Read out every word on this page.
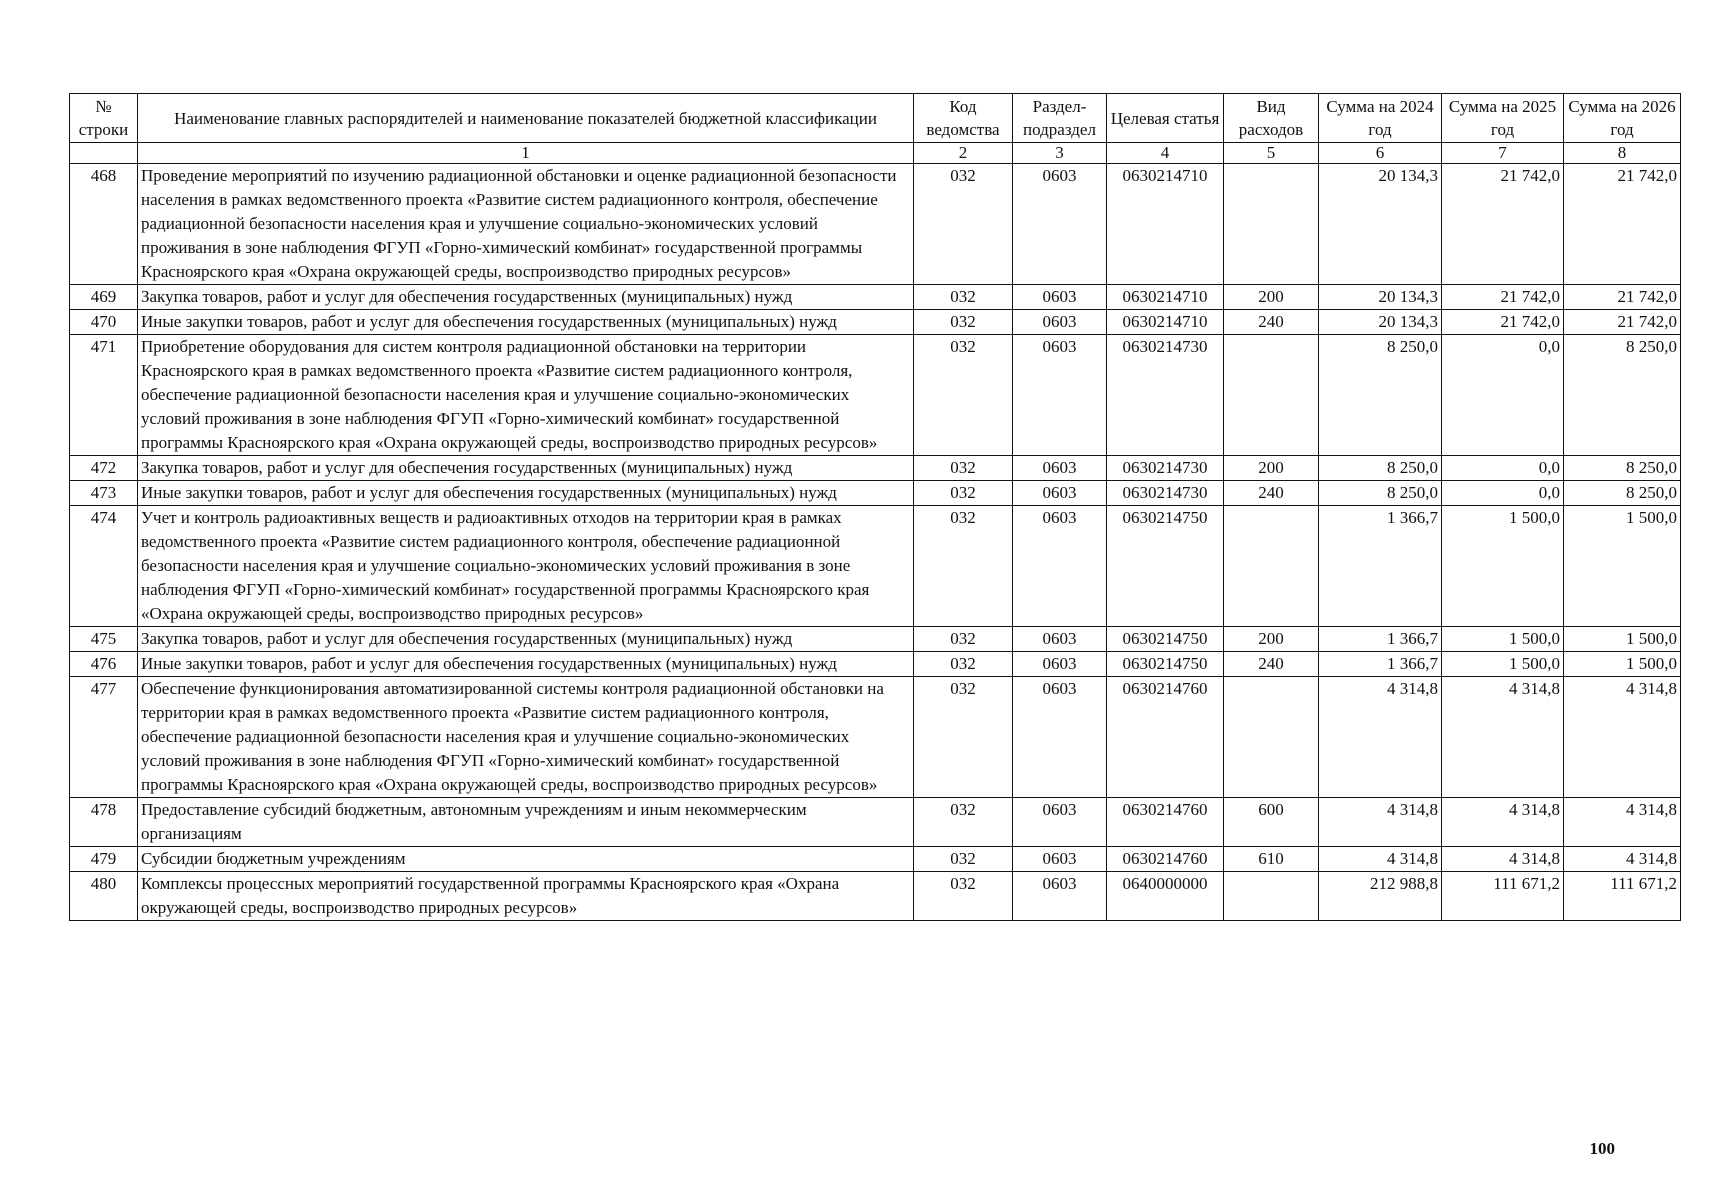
№ строки	Наименование главных распорядителей и наименование показателей бюджетной классификации	Код ведомства	Раздел-подраздел	Целевая статья	Вид расходов	Сумма на 2024 год	Сумма на 2025 год	Сумма на 2026 год
	1	2	3	4	5	6	7	8
468	Проведение мероприятий по изучению радиационной обстановки и оценке радиационной безопасности населения в рамках ведомственного проекта «Развитие систем радиационного контроля, обеспечение радиационной безопасности населения края и улучшение социально-экономических условий проживания в зоне наблюдения ФГУП «Горно-химический комбинат» государственной программы Красноярского края «Охрана окружающей среды, воспроизводство природных ресурсов»	032	0603	0630214710		20 134,3	21 742,0	21 742,0
469	Закупка товаров, работ и услуг для обеспечения государственных (муниципальных) нужд	032	0603	0630214710	200	20 134,3	21 742,0	21 742,0
470	Иные закупки товаров, работ и услуг для обеспечения государственных (муниципальных) нужд	032	0603	0630214710	240	20 134,3	21 742,0	21 742,0
471	Приобретение оборудования для систем контроля радиационной обстановки на территории Красноярского края в рамках ведомственного проекта «Развитие систем радиационного контроля, обеспечение радиационной безопасности населения края и улучшение социально-экономических условий проживания в зоне наблюдения ФГУП «Горно-химический комбинат» государственной программы Красноярского края «Охрана окружающей среды, воспроизводство природных ресурсов»	032	0603	0630214730		8 250,0	0,0	8 250,0
472	Закупка товаров, работ и услуг для обеспечения государственных (муниципальных) нужд	032	0603	0630214730	200	8 250,0	0,0	8 250,0
473	Иные закупки товаров, работ и услуг для обеспечения государственных (муниципальных) нужд	032	0603	0630214730	240	8 250,0	0,0	8 250,0
474	Учет и контроль радиоактивных веществ и радиоактивных отходов на территории края в рамках ведомственного проекта «Развитие систем радиационного контроля, обеспечение радиационной безопасности населения края и улучшение социально-экономических условий проживания в зоне наблюдения ФГУП «Горно-химический комбинат» государственной программы Красноярского края «Охрана окружающей среды, воспроизводство природных ресурсов»	032	0603	0630214750		1 366,7	1 500,0	1 500,0
475	Закупка товаров, работ и услуг для обеспечения государственных (муниципальных) нужд	032	0603	0630214750	200	1 366,7	1 500,0	1 500,0
476	Иные закупки товаров, работ и услуг для обеспечения государственных (муниципальных) нужд	032	0603	0630214750	240	1 366,7	1 500,0	1 500,0
477	Обеспечение функционирования автоматизированной системы контроля радиационной обстановки на территории края в рамках ведомственного проекта «Развитие систем радиационного контроля, обеспечение радиационной безопасности населения края и улучшение социально-экономических условий проживания в зоне наблюдения ФГУП «Горно-химический комбинат» государственной программы Красноярского края «Охрана окружающей среды, воспроизводство природных ресурсов»	032	0603	0630214760		4 314,8	4 314,8	4 314,8
478	Предоставление субсидий бюджетным, автономным учреждениям и иным некоммерческим организациям	032	0603	0630214760	600	4 314,8	4 314,8	4 314,8
479	Субсидии бюджетным учреждениям	032	0603	0630214760	610	4 314,8	4 314,8	4 314,8
480	Комплексы процессных мероприятий государственной программы Красноярского края «Охрана окружающей среды, воспроизводство природных ресурсов»	032	0603	0640000000		212 988,8	111 671,2	111 671,2
100
